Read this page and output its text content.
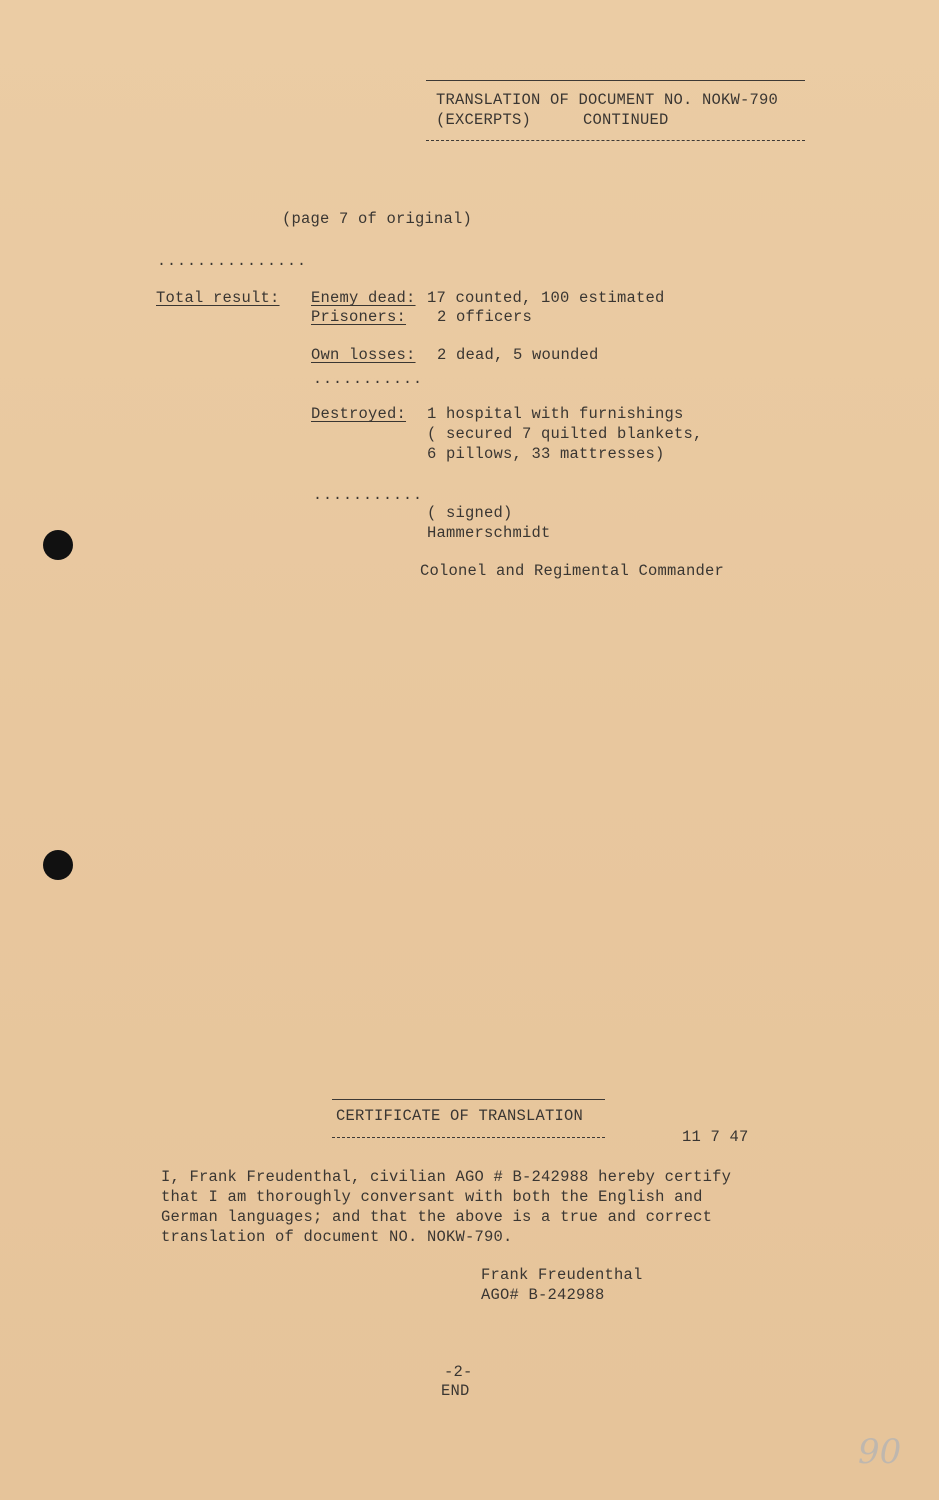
TRANSLATION OF DOCUMENT NO. NOKW-790
(EXCERPTS)	CONTINUED
(page 7 of original)
...............
Total result: Enemy dead: 17 counted, 100 estimated
Prisoners: 2 officers
Own losses: 2 dead, 5 wounded
...........
Destroyed: 1 hospital with furnishings
( secured 7 quilted blankets,
6 pillows, 33 mattresses)
...........
( signed)
Hammerschmidt
Colonel and Regimental Commander
CERTIFICATE OF TRANSLATION
11 7 47
I, Frank Freudenthal, civilian AGO # B-242988 hereby certify
that I am thoroughly conversant with both the English and
German languages; and that the above is a true and correct
translation of document NO. NOKW-790.
Frank Freudenthal
AGO# B-242988
-2-
END
90
